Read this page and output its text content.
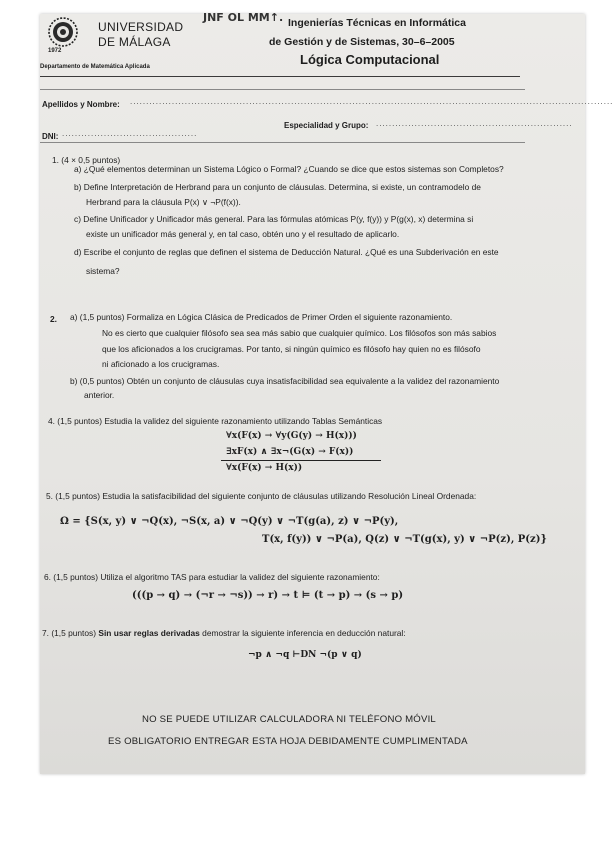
1972
UNIVERSIDAD
DE MÁLAGA
JNF OL MM↑. Ingenierías Técnicas en Informática
de Gestión y de Sistemas, 30–6–2005
Lógica Computacional
Departamento de Matemática Aplicada
Apellidos y Nombre: ......................................................................................................................................................
DNI: ..........................................
Especialidad y Grupo: .............................................................
1. (4 × 0,5 puntos)
a) ¿Qué elementos determinan un Sistema Lógico o Formal? ¿Cuando se dice que estos sistemas son Completos?
b) Define Interpretación de Herbrand para un conjunto de cláusulas. Determina, si existe, un contramodelo de
Herbrand para la cláusula P(x) ∨ ¬P(f(x)).
c) Define Unificador y Unificador más general. Para las fórmulas atómicas P(y, f(y)) y P(g(x), x) determina si
existe un unificador más general y, en tal caso, obtén uno y el resultado de aplicarlo.
d) Escribe el conjunto de reglas que definen el sistema de Deducción Natural. ¿Qué es una Subderivación en este
sistema?
2. a) (1,5 puntos) Formaliza en Lógica Clásica de Predicados de Primer Orden el siguiente razonamiento.
No es cierto que cualquier filósofo sea sea más sabio que cualquier químico. Los filósofos son más sabios
que los aficionados a los crucigramas. Por tanto, si ningún químico es filósofo hay quien no es filósofo
ni aficionado a los crucigramas.
b) (0,5 puntos) Obtén un conjunto de cláusulas cuya insatisfacibilidad sea equivalente a la validez del razonamiento
anterior.
4. (1,5 puntos) Estudia la validez del siguiente razonamiento utilizando Tablas Semánticas
∀x(F(x) → ∀y(G(y) → H(x)))
∃xF(x) ∧ ∃x¬(G(x) → F(x))
∀x(F(x) → H(x))
5. (1,5 puntos) Estudia la satisfacibilidad del siguiente conjunto de cláusulas utilizando Resolución Lineal Ordenada:
Ω = {S(x, y) ∨ ¬Q(x), ¬S(x, a) ∨ ¬Q(y) ∨ ¬T(g(a), z) ∨ ¬P(y),
T(x, f(y)) ∨ ¬P(a), Q(z) ∨ ¬T(g(x), y) ∨ ¬P(z), P(z)}
6. (1,5 puntos) Utiliza el algoritmo TAS para estudiar la validez del siguiente razonamiento:
(((p → q) → (¬r → ¬s)) → r) → t ⊨ (t → p) → (s → p)
7. (1,5 puntos) Sin usar reglas derivadas demostrar la siguiente inferencia en deducción natural:
¬p ∧ ¬q ⊢DN ¬(p ∨ q)
NO SE PUEDE UTILIZAR CALCULADORA NI TELÉFONO MÓVIL
ES OBLIGATORIO ENTREGAR ESTA HOJA DEBIDAMENTE CUMPLIMENTADA
